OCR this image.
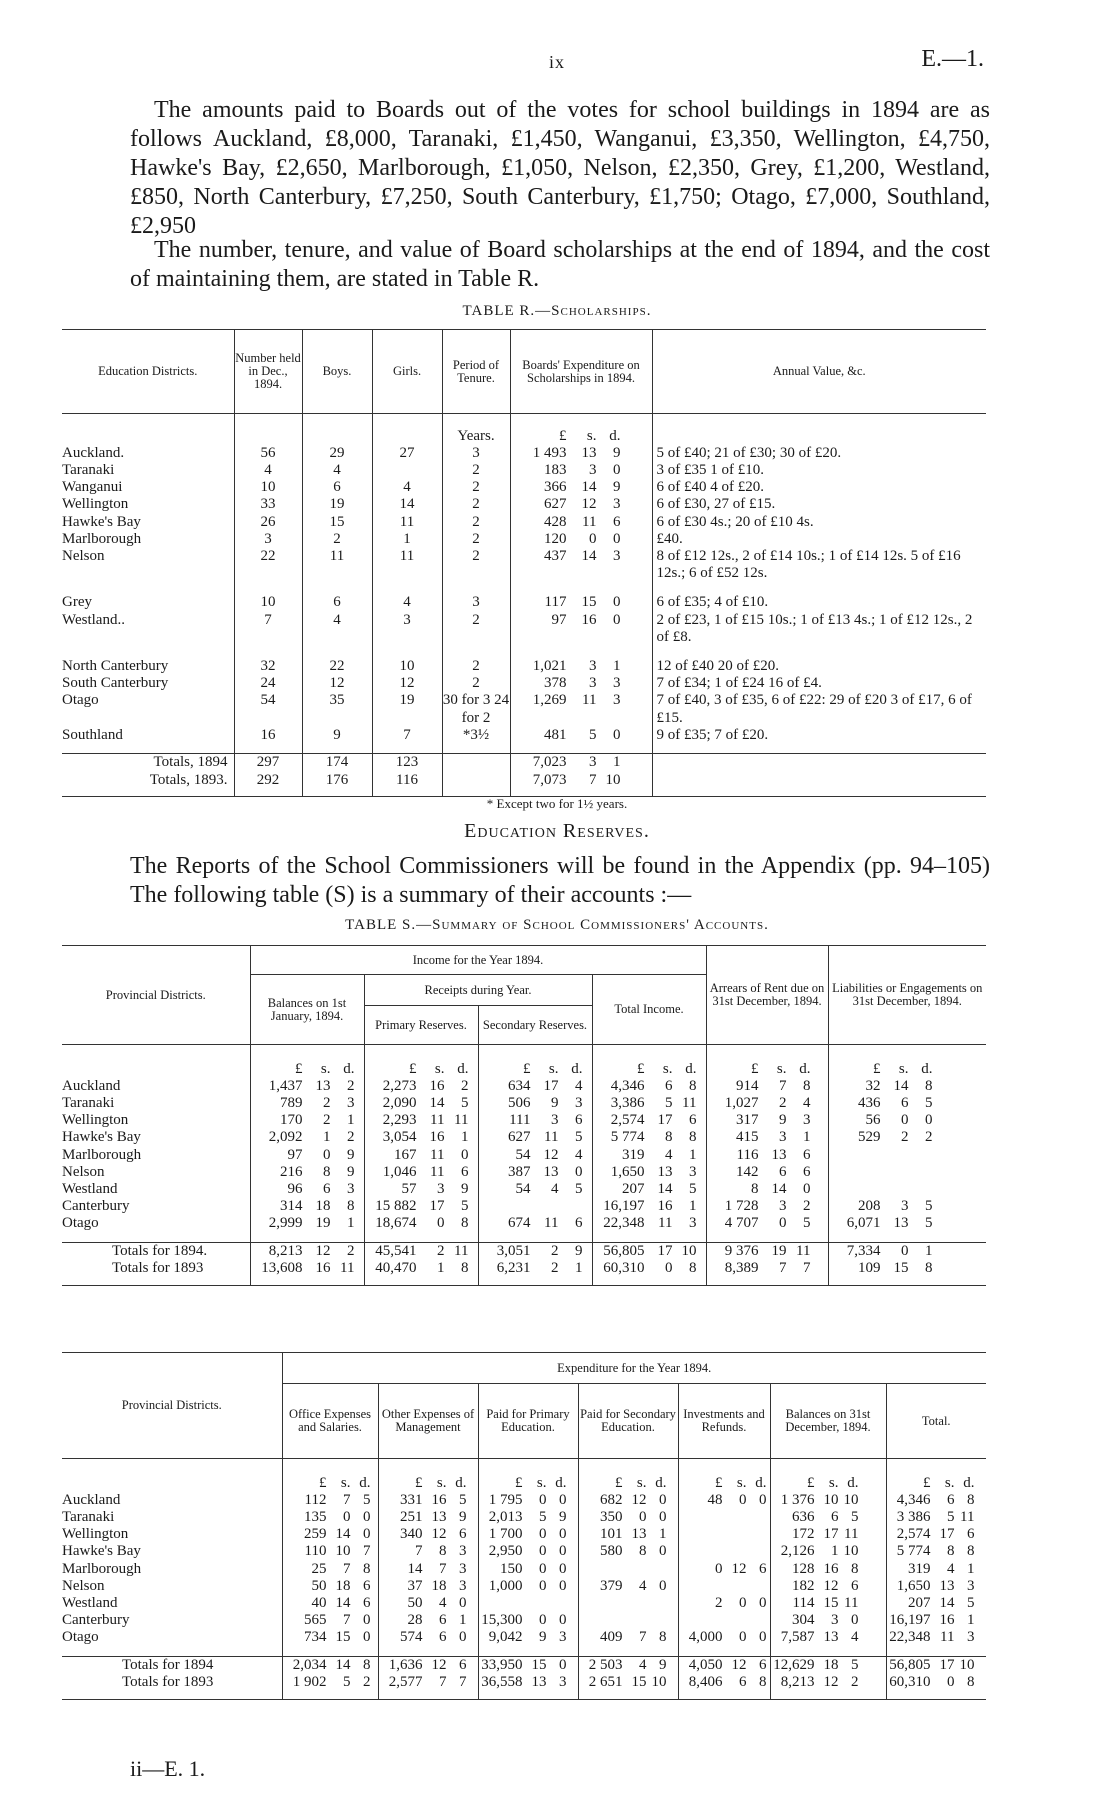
ix	E.—1.
The amounts paid to Boards out of the votes for school buildings in 1894 are as follows Auckland, £8,000, Taranaki, £1,450, Wanganui, £3,350, Wellington, £4,750, Hawke's Bay, £2,650, Marlborough, £1,050, Nelson, £2,350, Grey, £1,200, Westland, £850, North Canterbury, £7,250, South Canterbury, £1,750; Otago, £7,000, Southland, £2,950
The number, tenure, and value of Board scholarships at the end of 1894, and the cost of maintaining them, are stated in Table R.
TABLE R.—Scholarships.
Education Districts.	Number held in Dec., 1894.	Boys.	Girls.	Period of Tenure.	Boards' Expenditure on Scholarships in 1894.	Annual Value, &c.

				Years.	£ s. d.	
Auckland.	56	29	27	3	1 493 13 9	5 of £40; 21 of £30; 30 of £20.
Taranaki	4	4		2	183 3 0	3 of £35 1 of £10.
Wanganui	10	6	4	2	366 14 9	6 of £40 4 of £20.
Wellington	33	19	14	2	627 12 3	6 of £30, 27 of £15.
Hawke's Bay	26	15	11	2	428 11 6	6 of £30 4s.; 20 of £10 4s.
Marlborough	3	2	1	2	120 0 0	£40.
Nelson	22	11	11	2	437 14 3	8 of £12 12s., 2 of £14 10s.; 1 of £14 12s. 5 of £16 12s.; 6 of £52 12s.

Grey	10	6	4	3	117 15 0	6 of £35; 4 of £10.
Westland..	7	4	3	2	97 16 0	2 of £23, 1 of £15 10s.; 1 of £13 4s.; 1 of £12 12s., 2 of £8.

North Canterbury	32	22	10	2	1,021 3 1	12 of £40 20 of £20.
South Canterbury	24	12	12	2	378 3 3	7 of £34; 1 of £24 16 of £4.
Otago	54	35	19	30 for 3 24 for 2	1,269 11 3	7 of £40, 3 of £35, 6 of £22: 29 of £20 3 of £17, 6 of £15.
Southland	16	9	7	*3½	481 5 0	9 of £35; 7 of £20.

Totals, 1894	297	174	123		7,023 3 1	
Totals, 1893.	292	176	116		7,073 7 10	

* Except two for 1½ years.
Education Reserves.
The Reports of the School Commissioners will be found in the Appendix (pp. 94–105) The following table (S) is a summary of their accounts :—
TABLE S.—Summary of School Commissioners' Accounts.
Provincial Districts.	Income for the Year 1894.				Arrears of Rent due on 31st December, 1894.	Liabilities or Engagements on 31st December, 1894.
	Balances on 1st January, 1894.	Receipts during Year.		Total Income.		
		Primary Reserves.	Secondary Reserves.			

	£ s. d.	£ s. d.	£ s. d.	£ s. d.	£ s. d.	£ s. d.
Auckland	1,437 13 2	2,273 16 2	634 17 4	4,346 6 8	914 7 8	32 14 8
Taranaki	789 2 3	2,090 14 5	506 9 3	3,386 5 11	1,027 2 4	436 6 5
Wellington	170 2 1	2,293 11 11	111 3 6	2,574 17 6	317 9 3	56 0 0
Hawke's Bay	2,092 1 2	3,054 16 1	627 11 5	5 774 8 8	415 3 1	529 2 2
Marlborough	97 0 9	167 11 0	54 12 4	319 4 1	116 13 6	
Nelson	216 8 9	1,046 11 6	387 13 0	1,650 13 3	142 6 6	
Westland	96 6 3	57 3 9	54 4 5	207 14 5	8 14 0	
Canterbury	314 18 8	15 882 17 5		16,197 16 1	1 728 3 2	208 3 5
Otago	2,999 19 1	18,674 0 8	674 11 6	22,348 11 3	4 707 0 5	6,071 13 5

Totals for 1894.	8,213 12 2	45,541 2 11	3,051 2 9	56,805 17 10	9 376 19 11	7,334 0 1
Totals for 1893	13,608 16 11	40,470 1 8	6,231 2 1	60,310 0 8	8,389 7 7	109 15 8

Provincial Districts.	Expenditure for the Year 1894.						
	Office Expenses and Salaries.	Other Expenses of Management	Paid for Primary Education.	Paid for Secondary Education.	Investments and Refunds.	Balances on 31st December, 1894.	Total.

	£ s. d.	£ s. d.	£ s. d.	£ s. d.	£ s. d.	£ s. d.	£ s. d.
Auckland	112 7 5	331 16 5	1 795 0 0	682 12 0	48 0 0	1 376 10 10	4,346 6 8
Taranaki	135 0 0	251 13 9	2,013 5 9	350 0 0		636 6 5	3 386 5 11
Wellington	259 14 0	340 12 6	1 700 0 0	101 13 1		172 17 11	2,574 17 6
Hawke's Bay	110 10 7	7 8 3	2,950 0 0	580 8 0		2,126 1 10	5 774 8 8
Marlborough	25 7 8	14 7 3	150 0 0		0 12 6	128 16 8	319 4 1
Nelson	50 18 6	37 18 3	1,000 0 0	379 4 0		182 12 6	1,650 13 3
Westland	40 14 6	50 4 0			2 0 0	114 15 11	207 14 5
Canterbury	565 7 0	28 6 1	15,300 0 0			304 3 0	16,197 16 1
Otago	734 15 0	574 6 0	9,042 9 3	409 7 8	4,000 0 0	7,587 13 4	22,348 11 3

Totals for 1894	2,034 14 8	1,636 12 6	33,950 15 0	2 503 4 9	4,050 12 6	12,629 18 5	56,805 17 10
Totals for 1893	1 902 5 2	2,577 7 7	36,558 13 3	2 651 15 10	8,406 6 8	8,213 12 2	60,310 0 8

ii—E. 1.
